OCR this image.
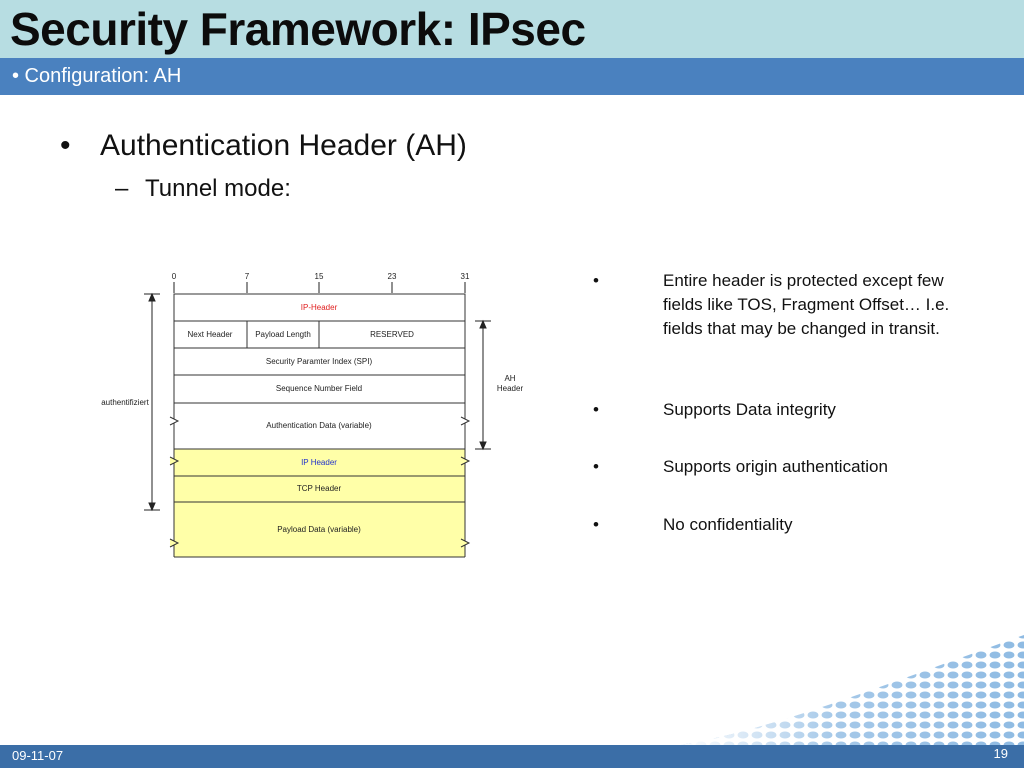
Security Framework: IPsec
• Configuration: AH
• Authentication Header (AH)
– Tunnel mode:
0	7	15	23	31
IP-Header
Next Header	Payload Length	RESERVED
Security Paramter Index (SPI)
Sequence Number Field
Authentication Data (variable)
IP Header
TCP Header
Payload Data (variable)
authentifiziert
AH
Header
•	Entire header is protected except few fields like TOS, Fragment Offset… I.e. fields that may be changed in transit.
•	Supports Data integrity
•	Supports origin authentication
•	No confidentiality
09-11-07	19
